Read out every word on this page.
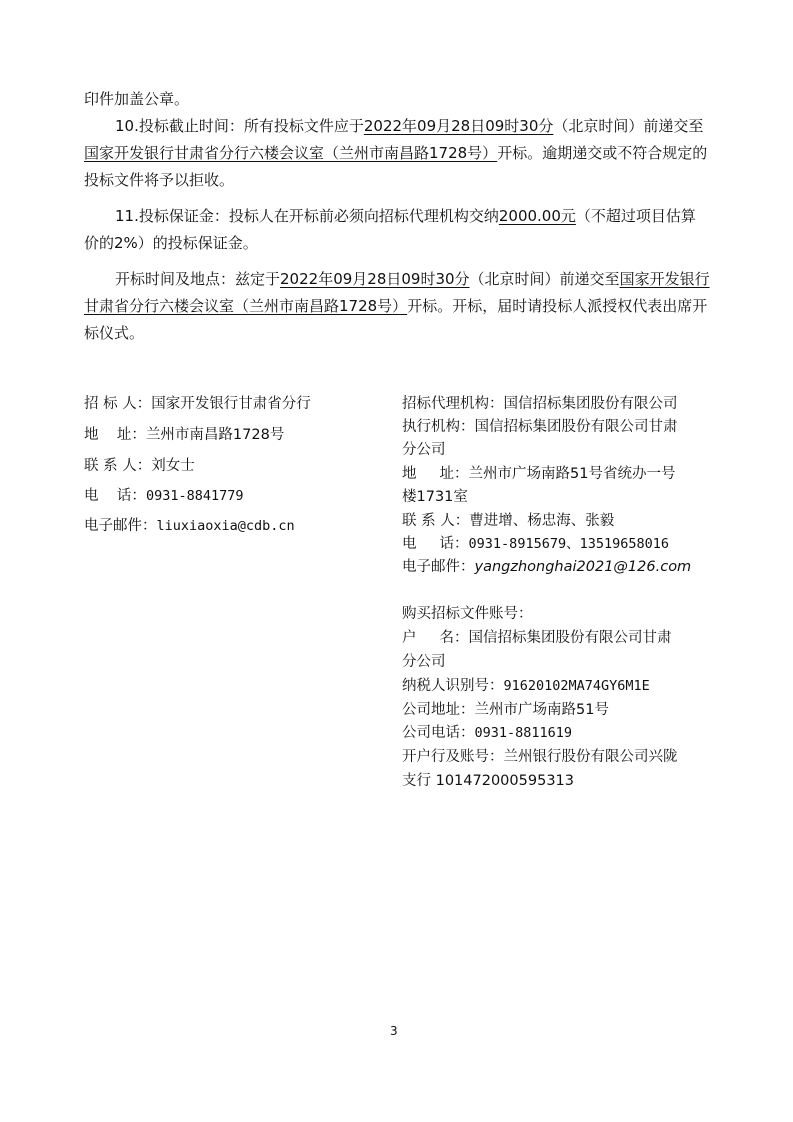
印件加盖公章。

10.投标截止时间：所有投标文件应于2022年09月28日09时30分（北京时间）前递交至国家开发银行甘肃省分行六楼会议室（兰州市南昌路1728号）开标。逾期递交或不符合规定的投标文件将予以拒收。

11.投标保证金：投标人在开标前必须向招标代理机构交纳2000.00元（不超过项目估算价的2%）的投标保证金。

开标时间及地点：兹定于2022年09月28日09时30分（北京时间）前递交至国家开发银行甘肃省分行六楼会议室（兰州市南昌路1728号）开标。开标，届时请投标人派授权代表出席开标仪式。

招 标 人：国家开发银行甘肃省分行
地    址：兰州市南昌路1728号
联 系 人：刘女士
电    话：0931-8841779
电子邮件：liuxiaoxia@cdb.cn
招标代理机构：国信招标集团股份有限公司
执行机构：国信招标集团股份有限公司甘肃
分公司
地     址：兰州市广场南路51号省统办一号
楼1731室
联 系 人：曹进增、杨忠海、张毅
电     话：0931-8915679、13519658016
电子邮件：yangzhonghai2021@126.com
购买招标文件账号：
户     名：国信招标集团股份有限公司甘肃
分公司
纳税人识别号：91620102MA74GY6M1E
公司地址：兰州市广场南路51号
公司电话：0931-8811619
开户行及账号：兰州银行股份有限公司兴陇
支行 101472000595313
3
